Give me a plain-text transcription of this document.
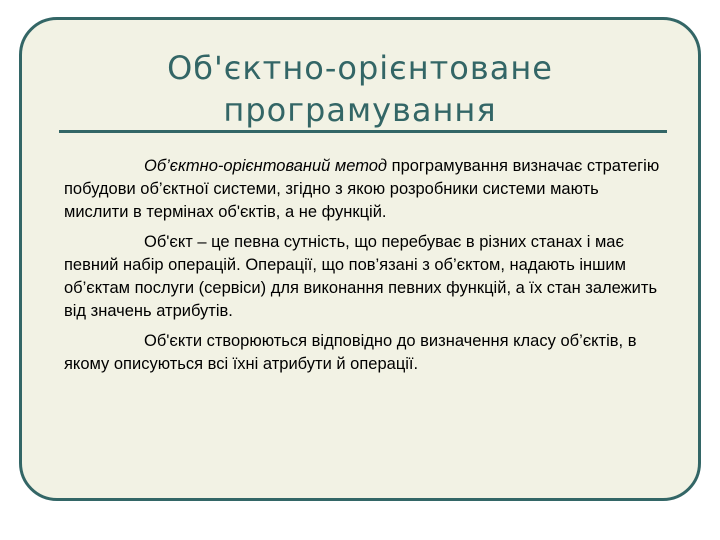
Об'єктно-орієнтоване
програмування

Об’єктно-орієнтований метод програмування визначає стратегію побудови об’єктної системи, згідно з якою розробники системи мають мислити в термінах об'єктів, а не функцій.

Об'єкт – це певна сутність, що перебуває в різних станах і має певний набір операцій. Операції, що пов’язані з об’єктом, надають іншим об’єктам послуги (сервіси) для виконання певних функцій, а їх стан залежить від значень атрибутів.

Об'єкти створюються відповідно до визначення класу об’єктів, в якому описуються всі їхні атрибути й операції.
